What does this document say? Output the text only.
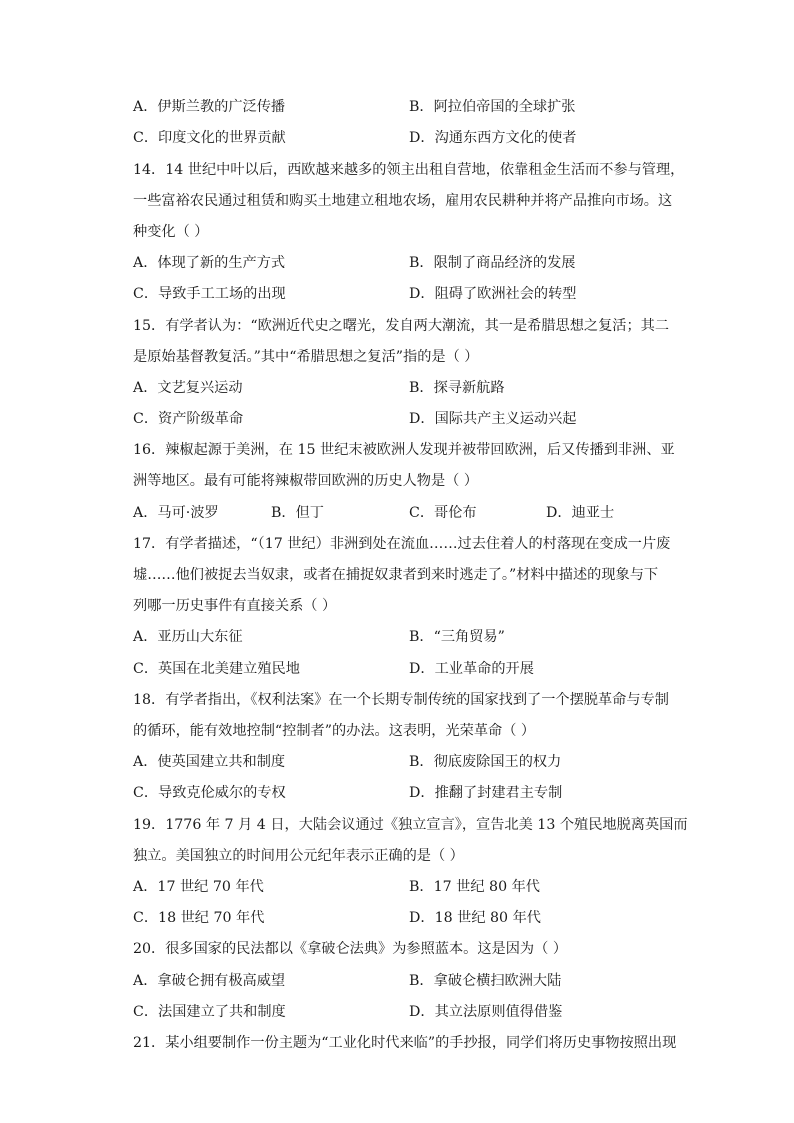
A．伊斯兰教的广泛传播	B．阿拉伯帝国的全球扩张
C．印度文化的世界贡献	D．沟通东西方文化的使者
14．14 世纪中叶以后，西欧越来越多的领主出租自营地，依靠租金生活而不参与管理，
一些富裕农民通过租赁和购买土地建立租地农场，雇用农民耕种并将产品推向市场。这
种变化（ ）
A．体现了新的生产方式	B．限制了商品经济的发展
C．导致手工工场的出现	D．阻碍了欧洲社会的转型
15．有学者认为：“欧洲近代史之曙光，发自两大潮流，其一是希腊思想之复活；其二
是原始基督教复活。”其中“希腊思想之复活”指的是（ ）
A．文艺复兴运动	B．探寻新航路
C．资产阶级革命	D．国际共产主义运动兴起
16．辣椒起源于美洲，在 15 世纪末被欧洲人发现并被带回欧洲，后又传播到非洲、亚
洲等地区。最有可能将辣椒带回欧洲的历史人物是（ ）
A．马可·波罗	B．但丁	C．哥伦布	D．迪亚士
17．有学者描述，“（17 世纪）非洲到处在流血……过去住着人的村落现在变成一片废
墟……他们被捉去当奴隶，或者在捕捉奴隶者到来时逃走了。”材料中描述的现象与下
列哪一历史事件有直接关系（ ）
A．亚历山大东征	B．“三角贸易”
C．英国在北美建立殖民地	D．工业革命的开展
18．有学者指出，《权利法案》在一个长期专制传统的国家找到了一个摆脱革命与专制
的循环，能有效地控制“控制者”的办法。这表明，光荣革命（ ）
A．使英国建立共和制度	B．彻底废除国王的权力
C．导致克伦威尔的专权	D．推翻了封建君主专制
19．1776 年 7 月 4 日，大陆会议通过《独立宣言》，宣告北美 13 个殖民地脱离英国而
独立。美国独立的时间用公元纪年表示正确的是（ ）
A．17 世纪 70 年代	B．17 世纪 80 年代
C．18 世纪 70 年代	D．18 世纪 80 年代
20．很多国家的民法都以《拿破仑法典》为参照蓝本。这是因为（ ）
A．拿破仑拥有极高威望	B．拿破仑横扫欧洲大陆
C．法国建立了共和制度	D．其立法原则值得借鉴
21．某小组要制作一份主题为“工业化时代来临”的手抄报，同学们将历史事物按照出现
